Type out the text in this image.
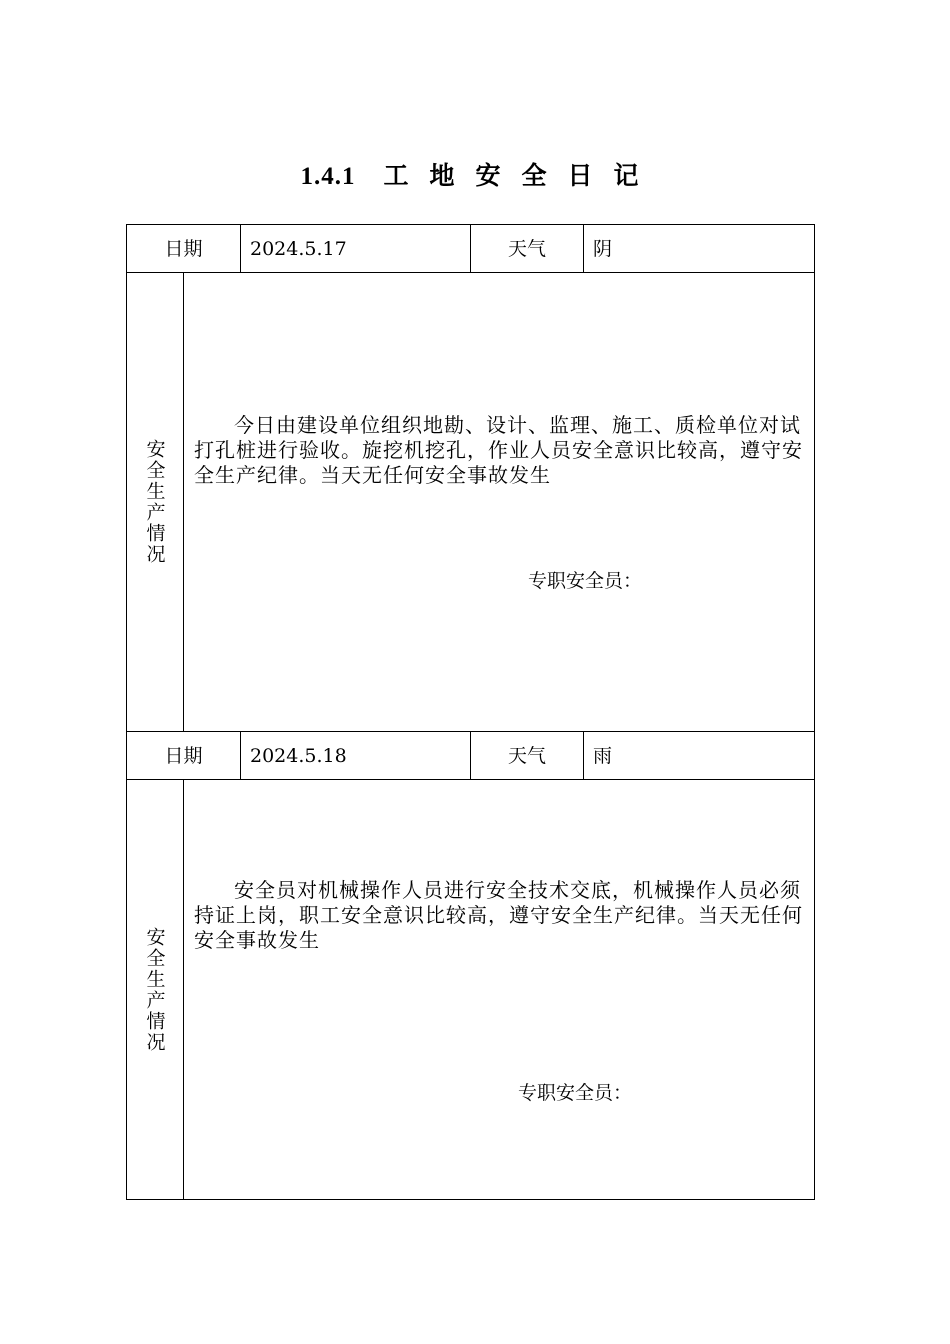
1.4.1 工 地 安 全 日 记
日期	2024.5.17	天气	阴
安全生产情况
今日由建设单位组织地勘、设计、监理、施工、质检单位对试打孔桩进行验收。旋挖机挖孔，作业人员安全意识比较高，遵守安全生产纪律。当天无任何安全事故发生
专职安全员：
日期	2024.5.18	天气	雨
安全生产情况
安全员对机械操作人员进行安全技术交底，机械操作人员必须持证上岗，职工安全意识比较高，遵守安全生产纪律。当天无任何安全事故发生
专职安全员：
